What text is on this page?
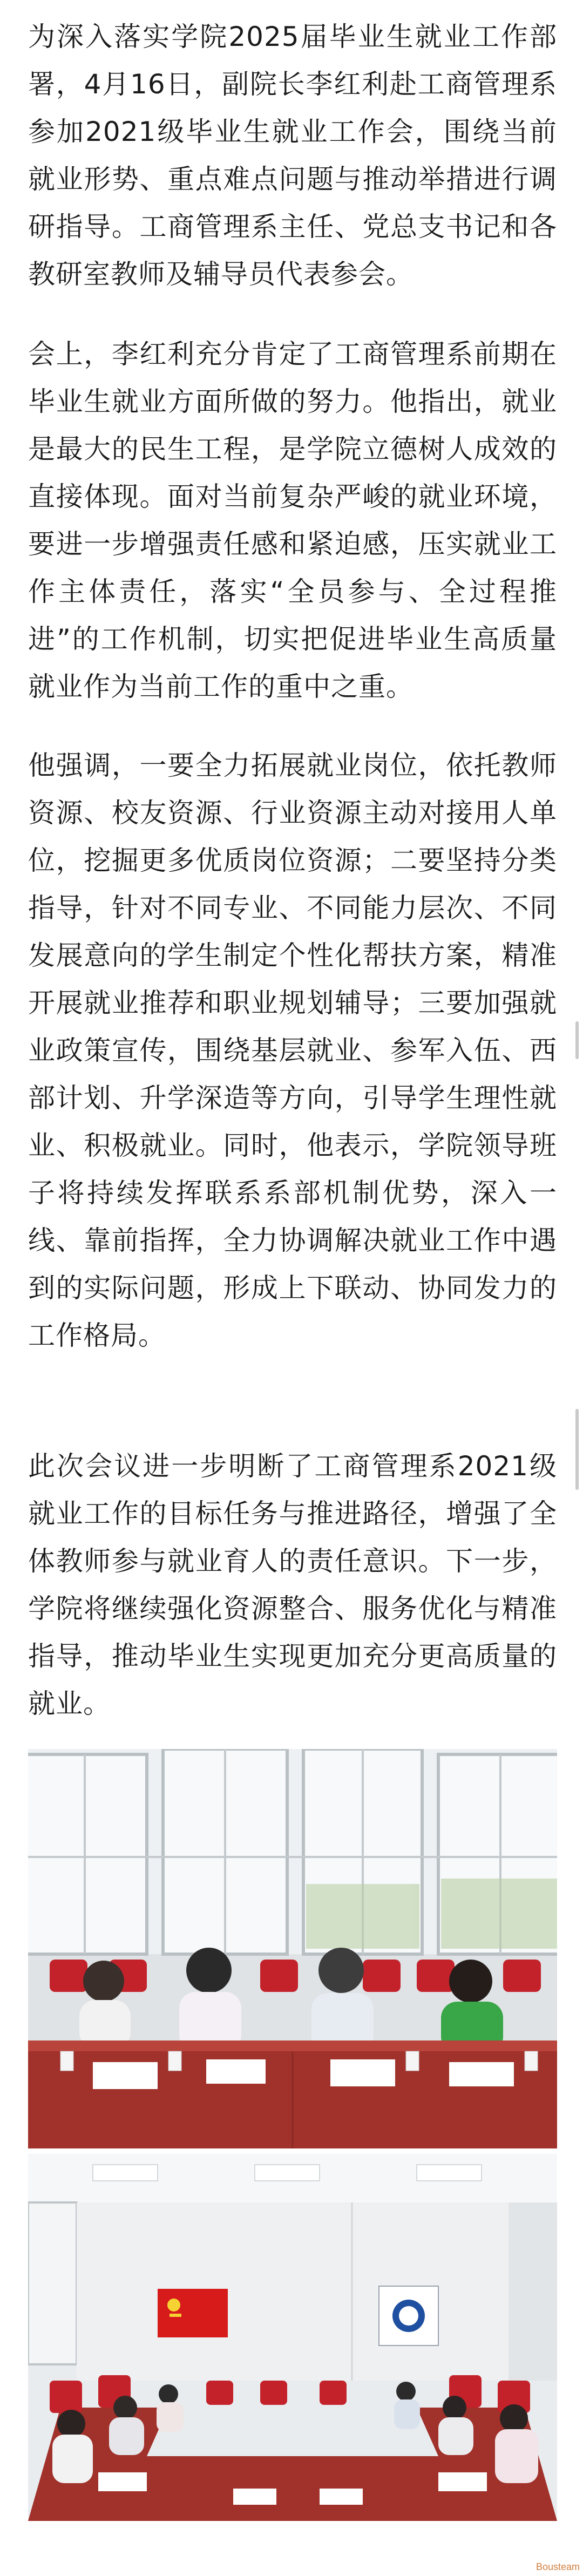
为深入落实学院2025届毕业生就业工作部署，4月16日，副院长李红利赴工商管理系参加2021级毕业生就业工作会，围绕当前就业形势、重点难点问题与推动举措进行调研指导。工商管理系主任、党总支书记和各教研室教师及辅导员代表参会。

会上，李红利充分肯定了工商管理系前期在毕业生就业方面所做的努力。他指出，就业是最大的民生工程，是学院立德树人成效的直接体现。面对当前复杂严峻的就业环境，要进一步增强责任感和紧迫感，压实就业工作主体责任，落实“全员参与、全过程推进”的工作机制，切实把促进毕业生高质量就业作为当前工作的重中之重。

他强调，一要全力拓展就业岗位，依托教师资源、校友资源、行业资源主动对接用人单位，挖掘更多优质岗位资源；二要坚持分类指导，针对不同专业、不同能力层次、不同发展意向的学生制定个性化帮扶方案，精准开展就业推荐和职业规划辅导；三要加强就业政策宣传，围绕基层就业、参军入伍、西部计划、升学深造等方向，引导学生理性就业、积极就业。同时，他表示，学院领导班子将持续发挥联系系部机制优势，深入一线、靠前指挥，全力协调解决就业工作中遇到的实际问题，形成上下联动、协同发力的工作格局。

此次会议进一步明断了工商管理系2021级就业工作的目标任务与推进路径，增强了全体教师参与就业育人的责任意识。下一步，学院将继续强化资源整合、服务优化与精准指导，推动毕业生实现更加充分更高质量的就业。

Bousteam
